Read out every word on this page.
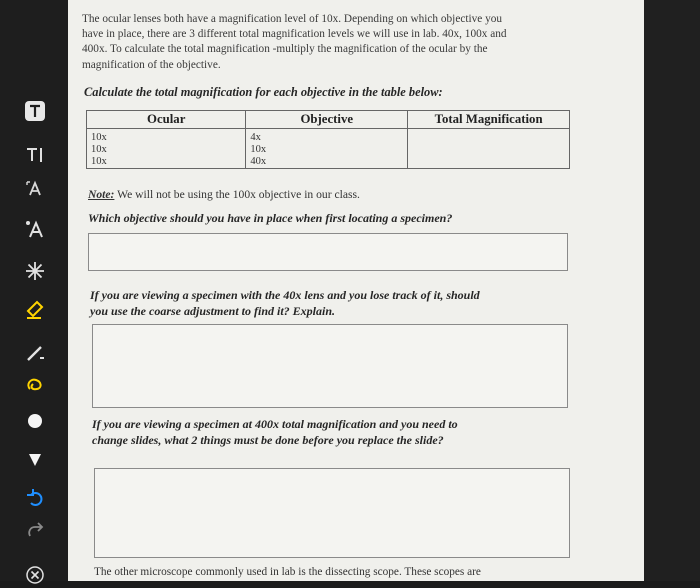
The ocular lenses both have a magnification level of 10x. Depending on which objective you
have in place, there are 3 different total magnification levels we will use in lab. 40x, 100x and
400x. To calculate the total magnification -multiply the magnification of the ocular by the
magnification of the objective.
Calculate the total magnification for each objective in the table below:
Ocular	Objective	Total Magnification
10x	4x	
10x	10x	
10x	40x	
Note: We will not be using the 100x objective in our class.
Which objective should you have in place when first locating a specimen?
If you are viewing a specimen with the 40x lens and you lose track of it, should
you use the coarse adjustment to find it? Explain.
If you are viewing a specimen at 400x total magnification and you need to
change slides, what 2 things must be done before you replace the slide?
The other microscope commonly used in lab is the dissecting scope. These scopes are
